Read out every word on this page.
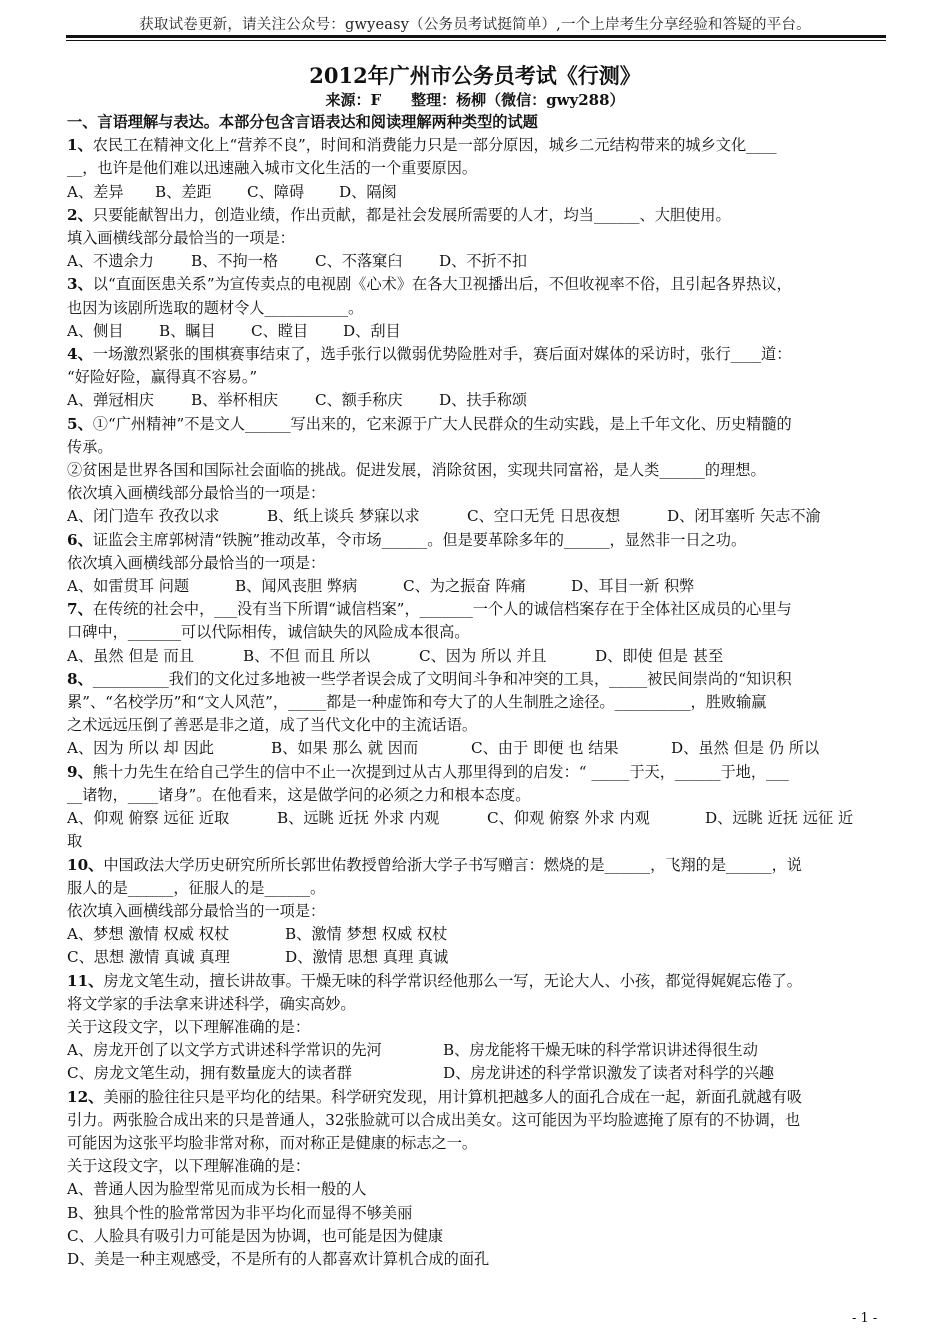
获取试卷更新，请关注公众号：gwyeasy（公务员考试挺简单）,一个上岸考生分享经验和答疑的平台。
2012年广州市公务员考试《行测》
来源：F　　整理：杨柳（微信：gwy288）
一、言语理解与表达。本部分包含言语表达和阅读理解两种类型的试题
1、农民工在精神文化上“营养不良”，时间和消费能力只是一部分原因，城乡二元结构带来的城乡文化____
__，也许是他们难以迅速融入城市文化生活的一个重要原因。
A、差异	B、差距	C、障碍	D、隔阂
2、只要能献智出力，创造业绩，作出贡献，都是社会发展所需要的人才，均当______、大胆使用。
填入画横线部分最恰当的一项是：
A、不遗余力	B、不拘一格	C、不落窠臼	D、不折不扣
3、以“直面医患关系”为宣传卖点的电视剧《心术》在各大卫视播出后，不但收视率不俗，且引起各界热议，
也因为该剧所选取的题材令人___________。
A、侧目	B、瞩目	C、瞠目	D、刮目
4、一场激烈紧张的围棋赛事结束了，选手张行以微弱优势险胜对手，赛后面对媒体的采访时，张行____道：
“好险好险，赢得真不容易。”
A、弹冠相庆	B、举杯相庆	C、额手称庆	D、扶手称颂
5、①“广州精神”不是文人______写出来的，它来源于广大人民群众的生动实践，是上千年文化、历史精髓的
传承。
②贫困是世界各国和国际社会面临的挑战。促进发展，消除贫困，实现共同富裕，是人类______的理想。
依次填入画横线部分最恰当的一项是：
A、闭门造车 孜孜以求	B、纸上谈兵 梦寐以求	C、空口无凭 日思夜想	D、闭耳塞听 矢志不渝
6、证监会主席郭树清“铁腕”推动改革，令市场______。但是要革除多年的______，显然非一日之功。
依次填入画横线部分最恰当的一项是：
A、如雷贯耳 问题	B、闻风丧胆 弊病	C、为之振奋 阵痛	D、耳目一新 积弊
7、在传统的社会中，___没有当下所谓“诚信档案”，_______一个人的诚信档案存在于全体社区成员的心里与
口碑中，_______可以代际相传，诚信缺失的风险成本很高。
A、虽然 但是 而且	B、不但 而且 所以	C、因为 所以 并且	D、即使 但是 甚至
8、__________我们的文化过多地被一些学者误会成了文明间斗争和冲突的工具，_____被民间崇尚的“知识积
累”、“名校学历”和“文人风范”，_____都是一种虚饰和夸大了的人生制胜之途径。__________，胜败输赢
之术远远压倒了善恶是非之道，成了当代文化中的主流话语。
A、因为 所以 却 因此	B、如果 那么 就 因而	C、由于 即便 也 结果	D、虽然 但是 仍 所以
9、熊十力先生在给自己学生的信中不止一次提到过从古人那里得到的启发：“ _____于天，______于地，___
__诸物，____诸身”。在他看来，这是做学问的必须之力和根本态度。
A、仰观 俯察 远征 近取	B、远眺 近抚 外求 内观	C、仰观 俯察 外求 内观	D、远眺 近抚 远征 近
取
10、中国政法大学历史研究所所长郭世佑教授曾给浙大学子书写赠言：燃烧的是______，飞翔的是______，说
服人的是______，征服人的是______。
依次填入画横线部分最恰当的一项是：
A、梦想 激情 权威 权杖	B、激情 梦想 权威 权杖
C、思想 激情 真诚 真理	D、激情 思想 真理 真诚
11、房龙文笔生动，擅长讲故事。干燥无味的科学常识经他那么一写，无论大人、小孩，都觉得娓娓忘倦了。
将文学家的手法拿来讲述科学，确实高妙。
关于这段文字，以下理解准确的是：
A、房龙开创了以文学方式讲述科学常识的先河	B、房龙能将干燥无味的科学常识讲述得很生动
C、房龙文笔生动，拥有数量庞大的读者群	D、房龙讲述的科学常识激发了读者对科学的兴趣
12、美丽的脸往往只是平均化的结果。科学研究发现，用计算机把越多人的面孔合成在一起，新面孔就越有吸
引力。两张脸合成出来的只是普通人，32张脸就可以合成出美女。这可能因为平均脸遮掩了原有的不协调，也
可能因为这张平均脸非常对称，而对称正是健康的标志之一。
关于这段文字，以下理解准确的是：
A、普通人因为脸型常见而成为长相一般的人
B、独具个性的脸常常因为非平均化而显得不够美丽
C、人脸具有吸引力可能是因为协调，也可能是因为健康
D、美是一种主观感受，不是所有的人都喜欢计算机合成的面孔
- 1 -
